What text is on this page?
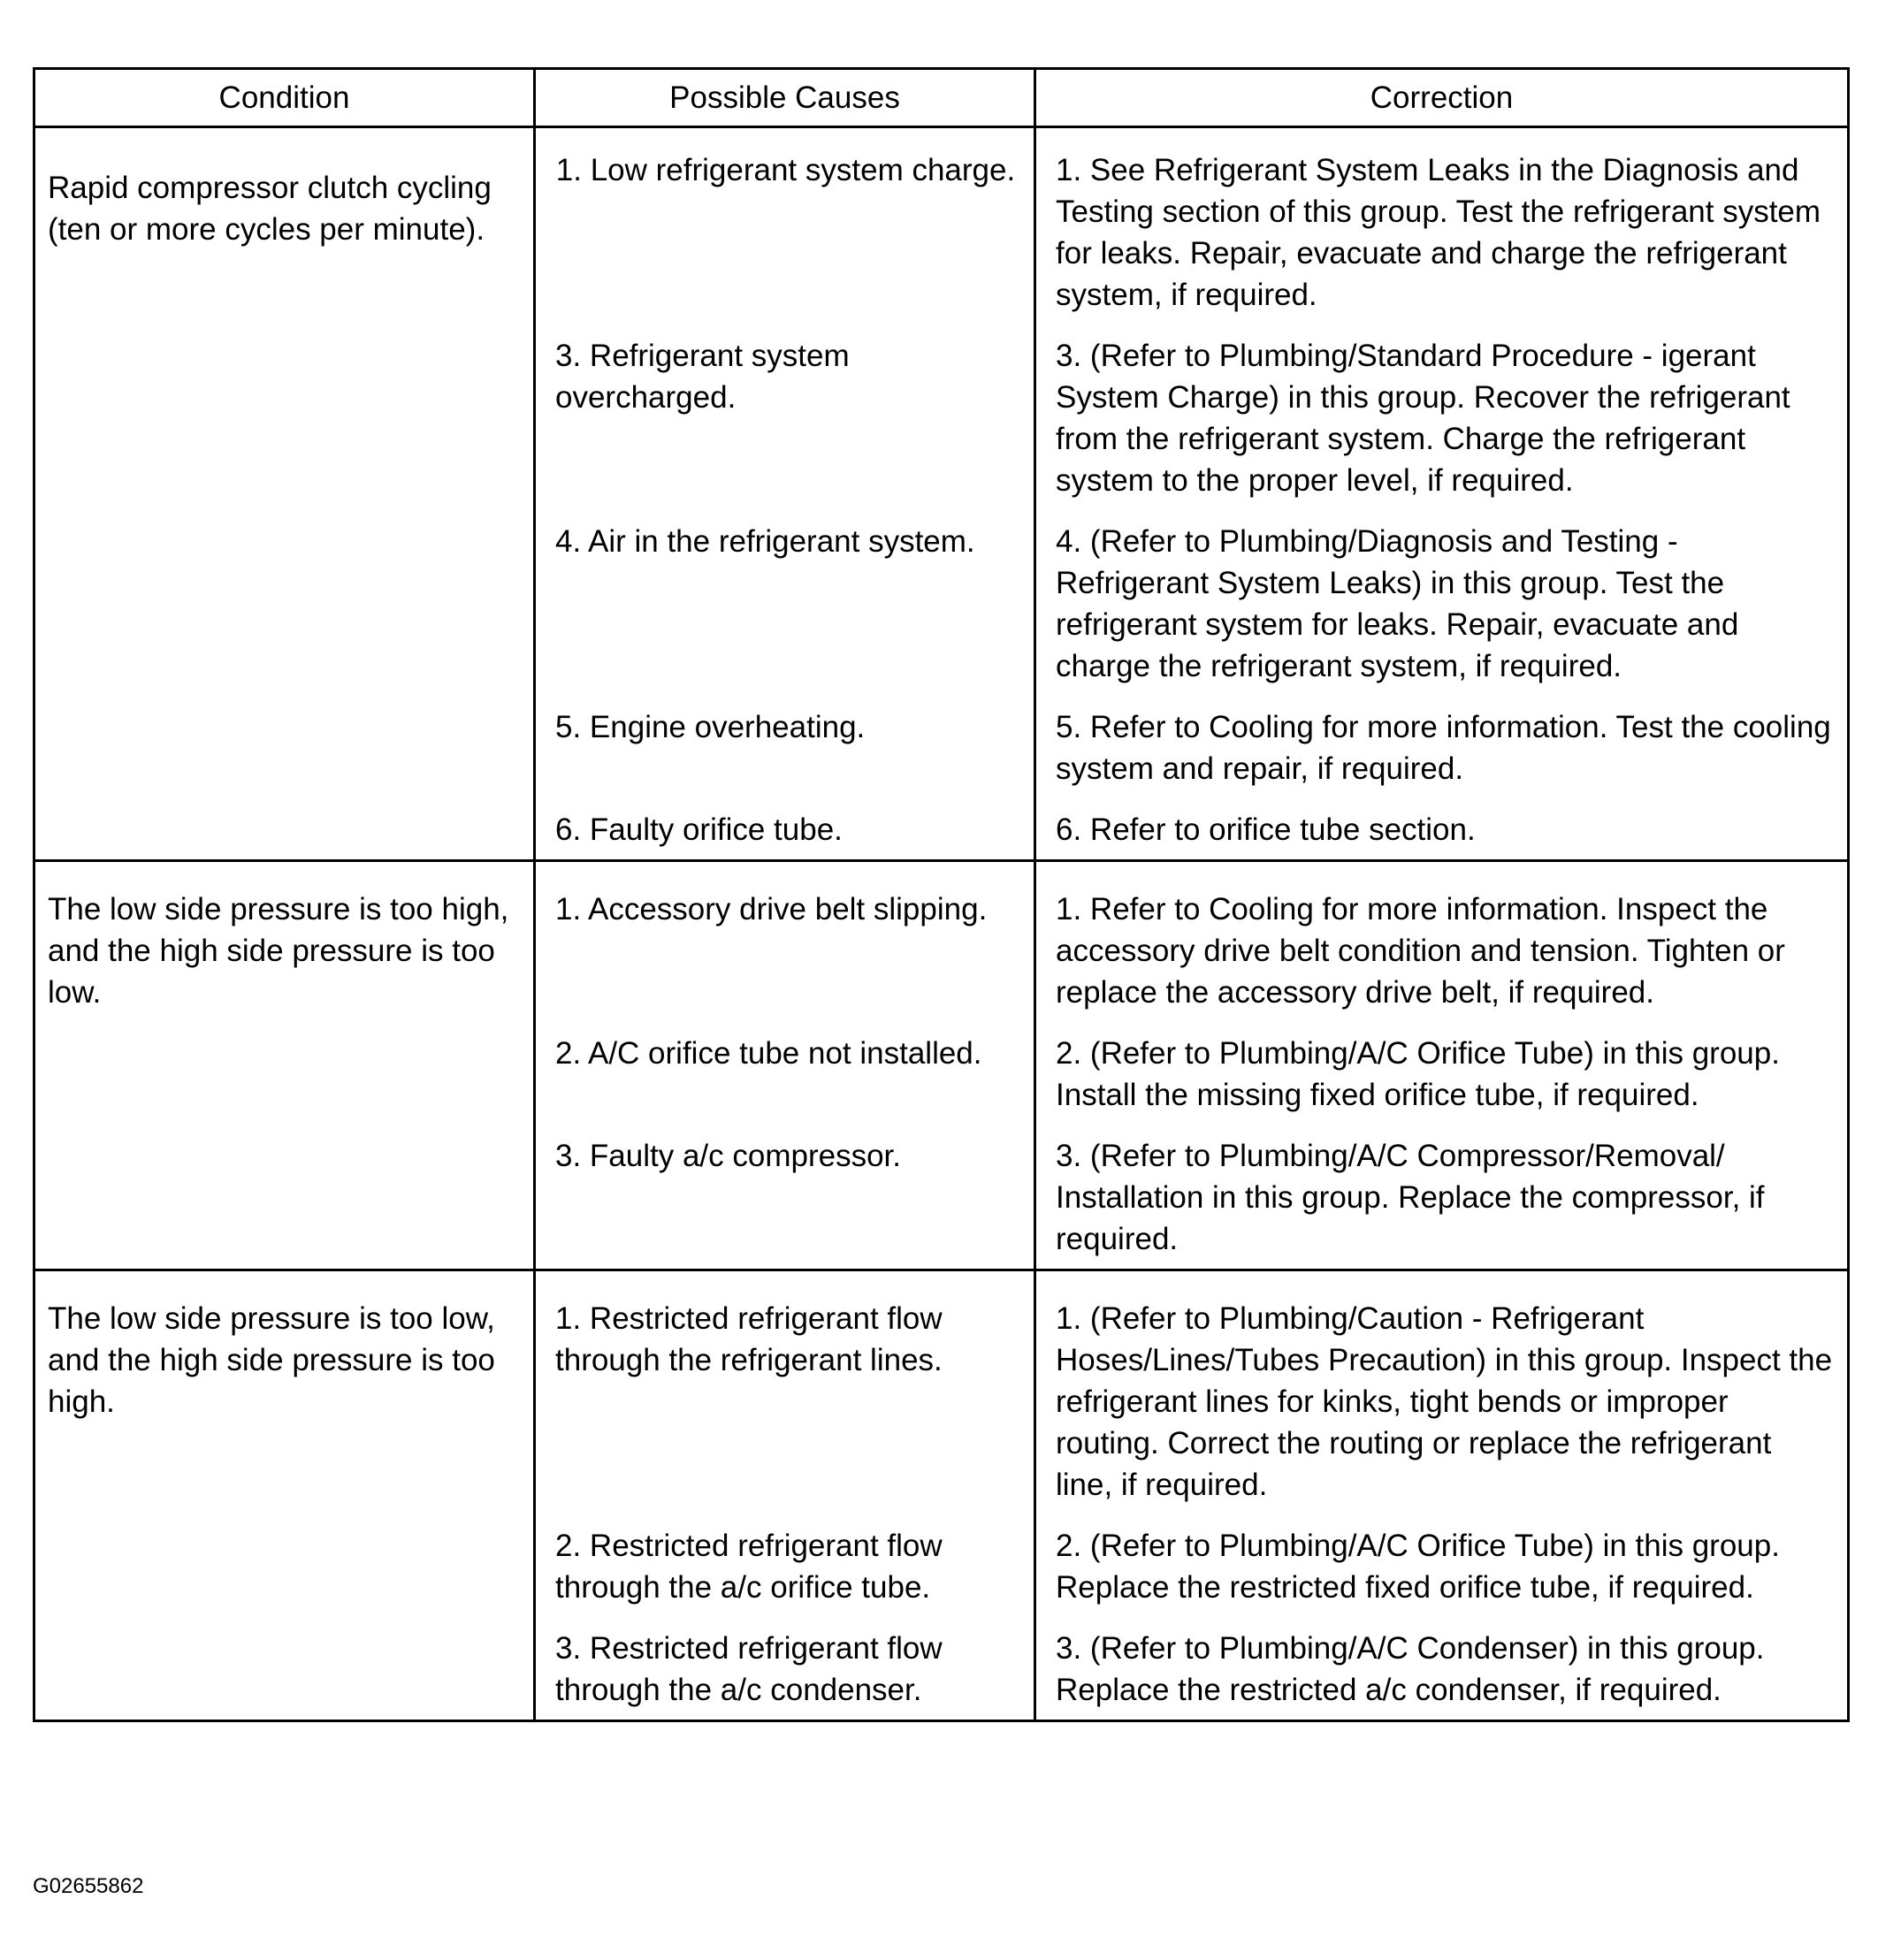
Condition	Possible Causes	Correction
Rapid compressor clutch cycling (ten or more cycles per minute).	1. Low refrigerant system charge.	1. See Refrigerant System Leaks in the Diagnosis and Testing section of this group. Test the refrigerant system for leaks. Repair, evacuate and charge the refrigerant system, if required.
	3. Refrigerant system overcharged.	3. (Refer to Plumbing/Standard Procedure - igerant System Charge) in this group. Recover the refrigerant from the refrigerant system. Charge the refrigerant system to the proper level, if required.
	4. Air in the refrigerant system.	4. (Refer to Plumbing/Diagnosis and Testing - Refrigerant System Leaks) in this group. Test the refrigerant system for leaks. Repair, evacuate and charge the refrigerant system, if required.
	5. Engine overheating.	5. Refer to Cooling for more information. Test the cooling system and repair, if required.
	6. Faulty orifice tube.	6. Refer to orifice tube section.
The low side pressure is too high, and the high side pressure is too low.	1. Accessory drive belt slipping.	1. Refer to Cooling for more information. Inspect the accessory drive belt condition and tension. Tighten or replace the accessory drive belt, if required.
	2. A/C orifice tube not installed.	2. (Refer to Plumbing/A/C Orifice Tube) in this group. Install the missing fixed orifice tube, if required.
	3. Faulty a/c compressor.	3. (Refer to Plumbing/A/C Compressor/Removal/ Installation in this group. Replace the compressor, if required.
The low side pressure is too low, and the high side pressure is too high.	1. Restricted refrigerant flow through the refrigerant lines.	1. (Refer to Plumbing/Caution - Refrigerant Hoses/Lines/Tubes Precaution) in this group. Inspect the refrigerant lines for kinks, tight bends or improper routing. Correct the routing or replace the refrigerant line, if required.
	2. Restricted refrigerant flow through the a/c orifice tube.	2. (Refer to Plumbing/A/C Orifice Tube) in this group. Replace the restricted fixed orifice tube, if required.
	3. Restricted refrigerant flow through the a/c condenser.	3. (Refer to Plumbing/A/C Condenser) in this group. Replace the restricted a/c condenser, if required.
G02655862
